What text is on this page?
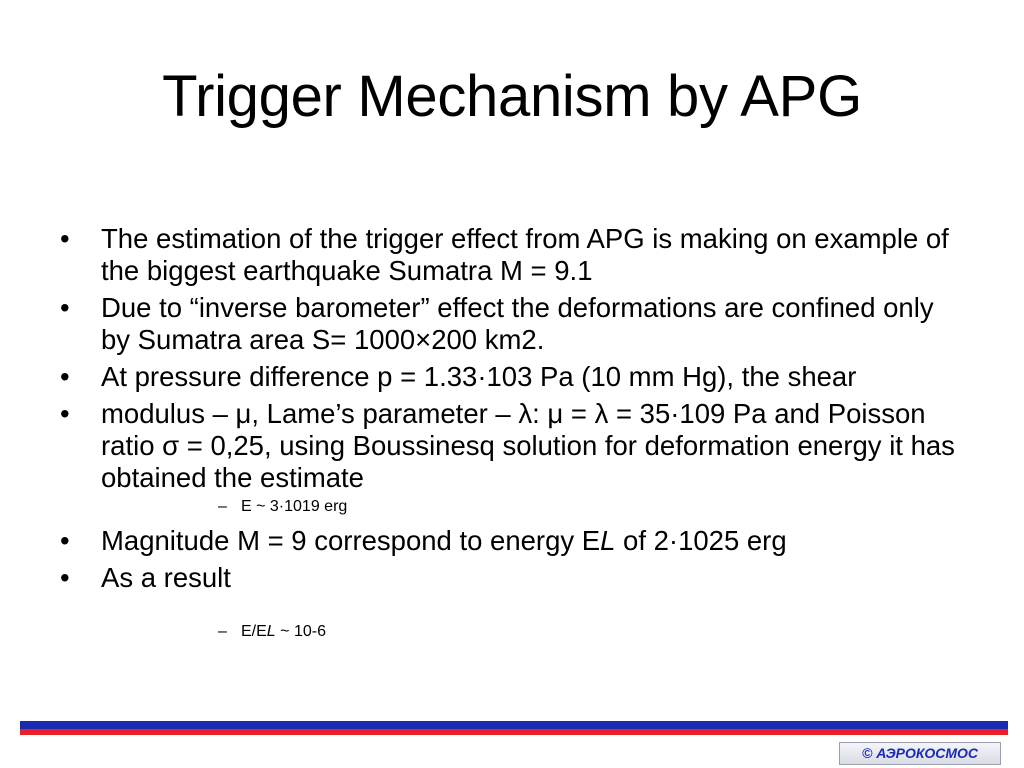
Trigger Mechanism by APG
• The estimation of the trigger effect from APG is making on example of the biggest earthquake Sumatra M = 9.1
• Due to “inverse barometer” effect the deformations are confined only by Sumatra area S= 1000×200 km2.
• At pressure difference p = 1.33·103 Pa (10 mm Hg), the shear
• modulus – μ, Lame’s parameter – λ: μ = λ = 35·109 Pa and Poisson ratio σ = 0,25, using Boussinesq solution for deformation energy it has obtained the estimate
– E ~ 3·1019 erg
• Magnitude M = 9 correspond to energy EL of 2·1025 erg
• As a result
– E/EL ~ 10-6
© АЭРОКОСМОС
